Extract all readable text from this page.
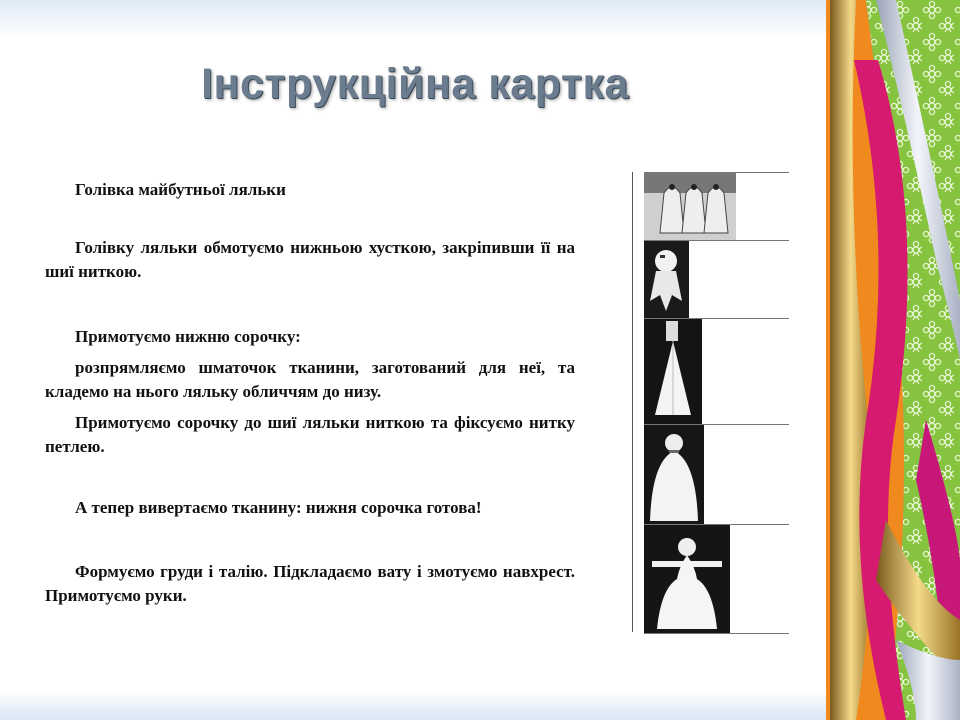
Інструкційна картка

Голівка майбутньої ляльки

Голівку ляльки обмотуємо нижньою хусткою, закріпивши її на шиї ниткою.

Примотуємо нижню сорочку:

розпрямляємо шматочок тканини, заготований для неї, та кладемо на нього ляльку обличчям до низу.

Примотуємо сорочку до шиї ляльки ниткою та фіксуємо нитку петлею.

А тепер вивертаємо тканину: нижня сорочка готова!

Формуємо груди і талію. Підкладаємо вату і змотуємо навхрест. Примотуємо руки.
